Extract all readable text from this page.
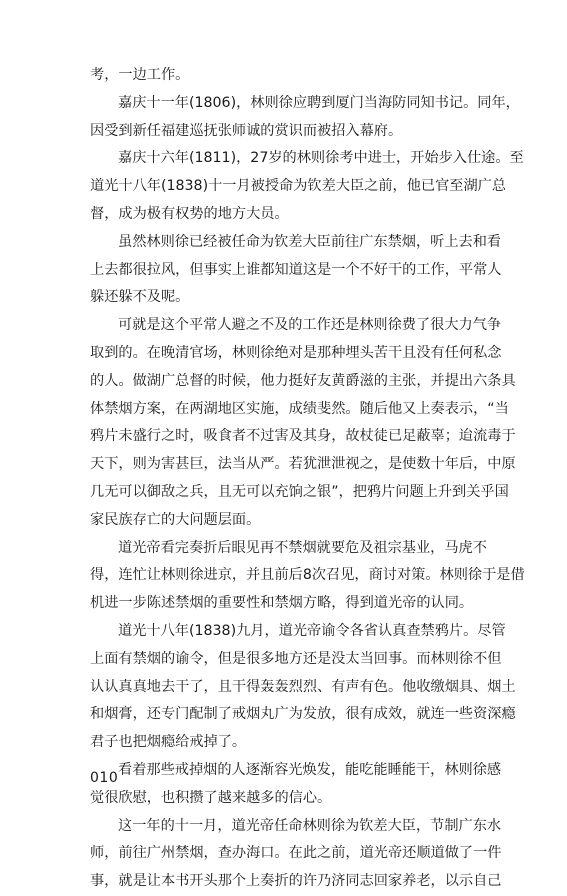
考，一边工作。
嘉庆十一年(1806)，林则徐应聘到厦门当海防同知书记。同年，
因受到新任福建巡抚张师诚的赏识而被招入幕府。
嘉庆十六年(1811)，27岁的林则徐考中进士，开始步入仕途。至
道光十八年(1838)十一月被授命为钦差大臣之前，他已官至湖广总
督，成为极有权势的地方大员。
虽然林则徐已经被任命为钦差大臣前往广东禁烟，听上去和看
上去都很拉风，但事实上谁都知道这是一个不好干的工作，平常人
躲还躲不及呢。
可就是这个平常人避之不及的工作还是林则徐费了很大力气争
取到的。在晚清官场，林则徐绝对是那种埋头苦干且没有任何私念
的人。做湖广总督的时候，他力挺好友黄爵滋的主张，并提出六条具
体禁烟方案，在两湖地区实施，成绩斐然。随后他又上奏表示，“当
鸦片未盛行之时，吸食者不过害及其身，故杖徒已足蔽辜；迨流毒于
天下，则为害甚巨，法当从严。若犹泄泄视之，是使数十年后，中原
几无可以御敌之兵，且无可以充饷之银”，把鸦片问题上升到关乎国
家民族存亡的大问题层面。
道光帝看完奏折后眼见再不禁烟就要危及祖宗基业，马虎不
得，连忙让林则徐进京，并且前后8次召见，商讨对策。林则徐于是借
机进一步陈述禁烟的重要性和禁烟方略，得到道光帝的认同。
道光十八年(1838)九月，道光帝谕令各省认真查禁鸦片。尽管
上面有禁烟的谕令，但是很多地方还是没太当回事。而林则徐不但
认认真真地去干了，且干得轰轰烈烈、有声有色。他收缴烟具、烟土
和烟膏，还专门配制了戒烟丸广为发放，很有成效，就连一些资深瘾
君子也把烟瘾给戒掉了。
看着那些戒掉烟的人逐渐容光焕发，能吃能睡能干，林则徐感
觉很欣慰，也积攒了越来越多的信心。
这一年的十一月，道光帝任命林则徐为钦差大臣，节制广东水
师，前往广州禁烟，查办海口。在此之前，道光帝还顺道做了一件
事，就是让本书开头那个上奏折的许乃济同志回家养老，以示自己
010
